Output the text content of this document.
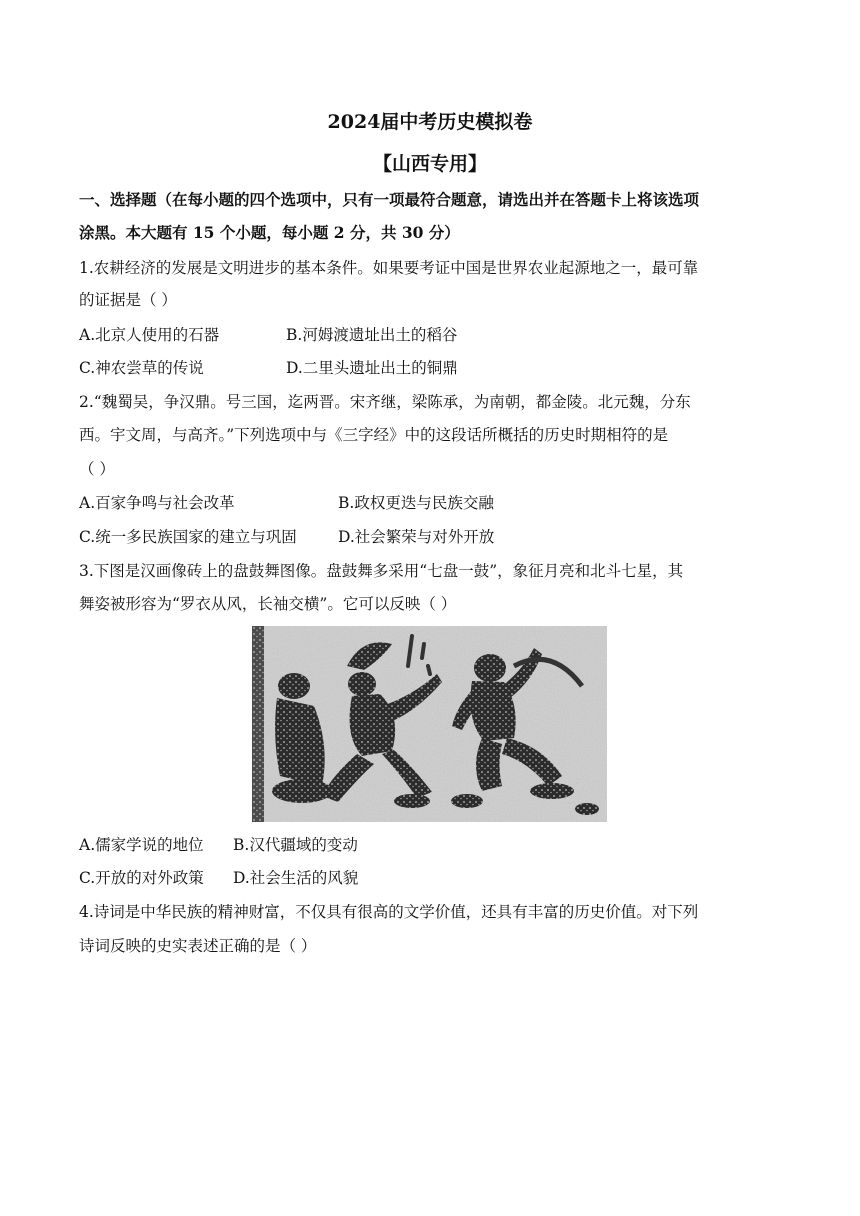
2024届中考历史模拟卷
【山西专用】
一、选择题（在每小题的四个选项中，只有一项最符合题意，请选出并在答题卡上将该选项
涂黑。本大题有 15 个小题，每小题 2 分，共 30 分）
1.农耕经济的发展是文明进步的基本条件。如果要考证中国是世界农业起源地之一，最可靠
的证据是（ ）
A.北京人使用的石器	B.河姆渡遗址出土的稻谷
C.神农尝草的传说	D.二里头遗址出土的铜鼎
2.“魏蜀吴，争汉鼎。号三国，迄两晋。宋齐继，梁陈承，为南朝，都金陵。北元魏，分东
西。宇文周，与高齐。”下列选项中与《三字经》中的这段话所概括的历史时期相符的是
（ ）
A.百家争鸣与社会改革	B.政权更迭与民族交融
C.统一多民族国家的建立与巩固	D.社会繁荣与对外开放
3.下图是汉画像砖上的盘鼓舞图像。盘鼓舞多采用“七盘一鼓”，象征月亮和北斗七星，其
舞姿被形容为“罗衣从风，长袖交横”。它可以反映（ ）
A.儒家学说的地位 B.汉代疆域的变动
C.开放的对外政策 D.社会生活的风貌
4.诗词是中华民族的精神财富，不仅具有很高的文学价值，还具有丰富的历史价值。对下列
诗词反映的史实表述正确的是（ ）
